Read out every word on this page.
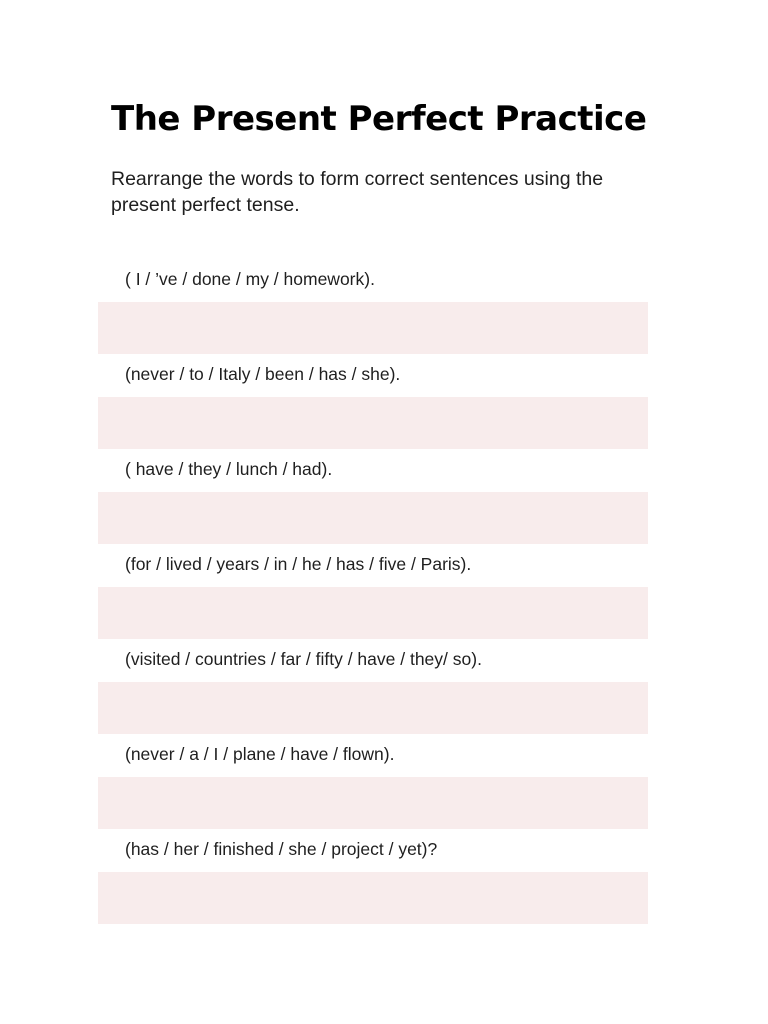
The Present Perfect Practice

Rearrange the words to form correct sentences using the present perfect tense.

( I / ’ve / done / my / homework).

(never / to / Italy / been / has / she).

( have / they / lunch / had).

(for / lived / years / in / he / has / five / Paris).

(visited / countries / far / fifty / have / they/ so).

(never / a / I / plane / have / flown).

(has / her / finished / she / project / yet)?
